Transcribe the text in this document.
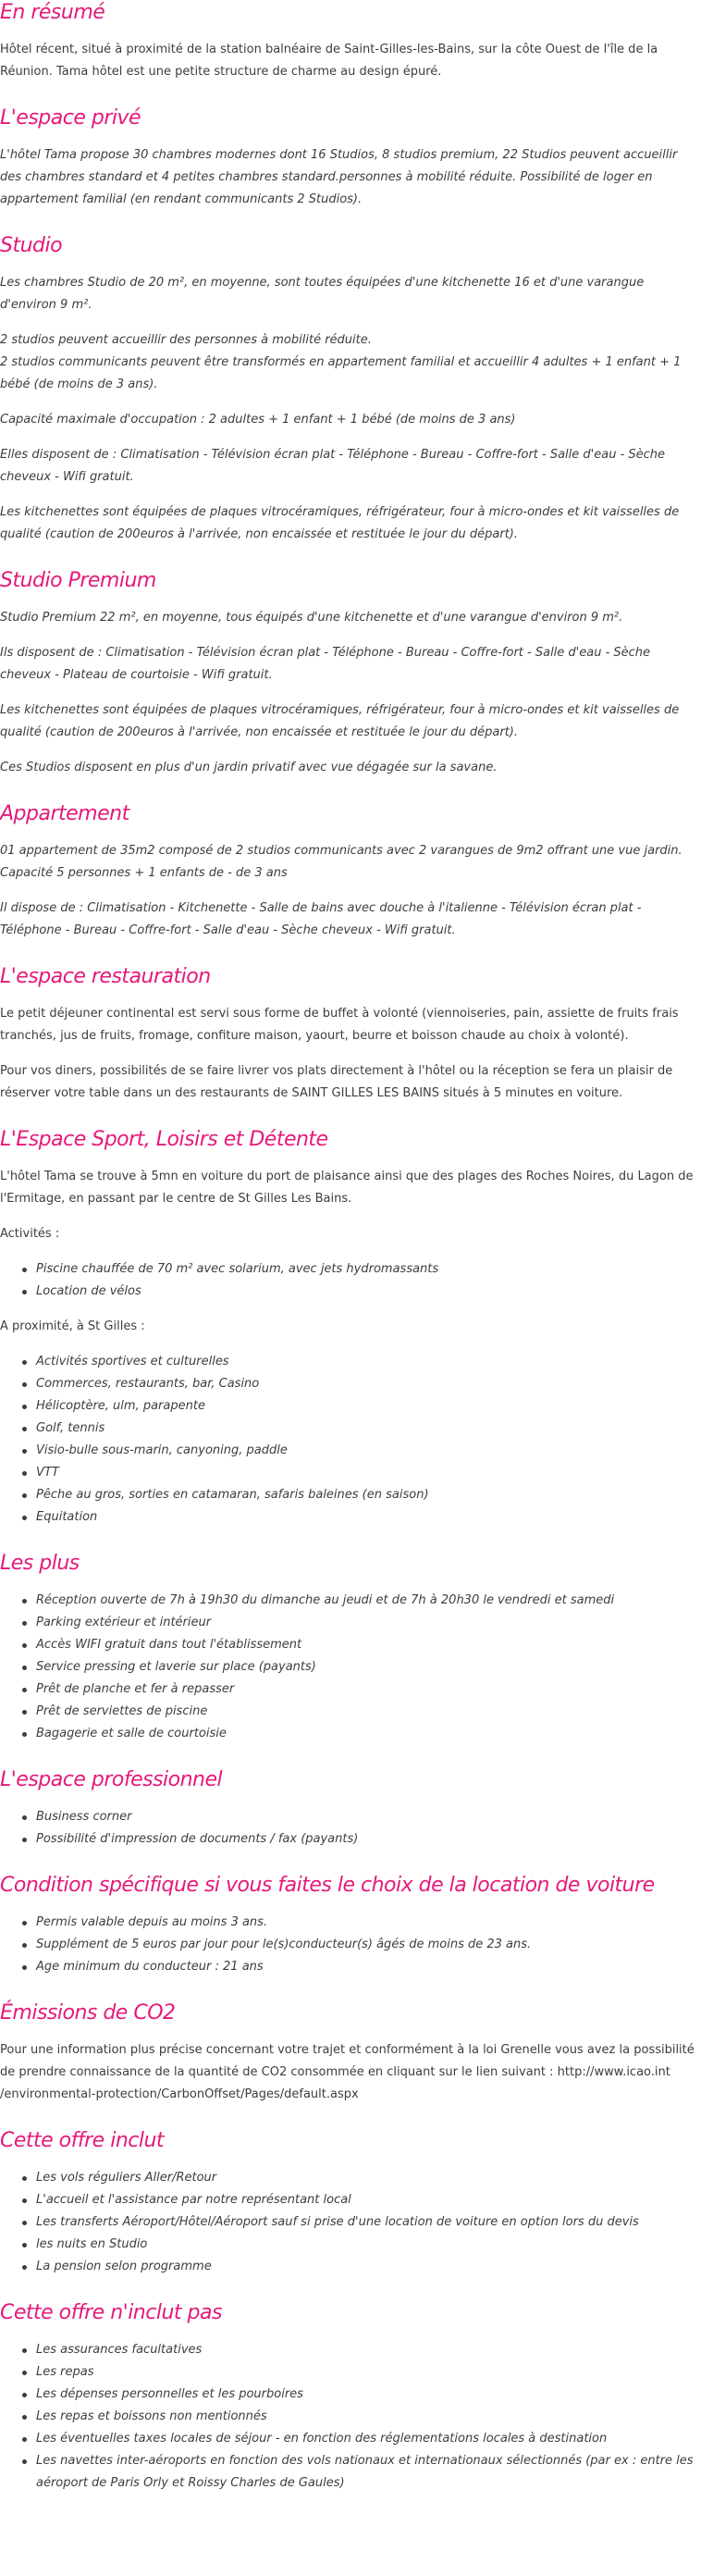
En résumé

Hôtel récent, situé à proximité de la station balnéaire de Saint-Gilles-les-Bains, sur la côte Ouest de l'île de la Réunion. Tama hôtel est une petite structure de charme au design épuré.

L'espace privé

L'hôtel Tama propose 30 chambres modernes dont 16 Studios, 8 studios premium, 22 Studios peuvent accueillir des chambres standard et 4 petites chambres standard.personnes à mobilité réduite. Possibilité de loger en appartement familial (en rendant communicants 2 Studios).

Studio

Les chambres Studio de 20 m², en moyenne, sont toutes équipées d'une kitchenette 16 et d'une varangue d'environ 9 m².

2 studios peuvent accueillir des personnes à mobilité réduite.
2 studios communicants peuvent être transformés en appartement familial et accueillir 4 adultes + 1 enfant + 1 bébé (de moins de 3 ans).

Capacité maximale d'occupation : 2 adultes + 1 enfant + 1 bébé (de moins de 3 ans)

Elles disposent de : Climatisation - Télévision écran plat - Téléphone - Bureau - Coffre-fort - Salle d'eau - Sèche cheveux - Wifi gratuit.

Les kitchenettes sont équipées de plaques vitrocéramiques, réfrigérateur, four à micro-ondes et kit vaisselles de qualité (caution de 200euros à l'arrivée, non encaissée et restituée le jour du départ).

Studio Premium

Studio Premium 22 m², en moyenne, tous équipés d'une kitchenette et d'une varangue d'environ 9 m².

Ils disposent de : Climatisation - Télévision écran plat - Téléphone - Bureau - Coffre-fort - Salle d'eau - Sèche cheveux - Plateau de courtoisie - Wifi gratuit.

Les kitchenettes sont équipées de plaques vitrocéramiques, réfrigérateur, four à micro-ondes et kit vaisselles de qualité (caution de 200euros à l'arrivée, non encaissée et restituée le jour du départ).

Ces Studios disposent en plus d'un jardin privatif avec vue dégagée sur la savane.

Appartement

01 appartement de 35m2 composé de 2 studios communicants avec 2 varangues de 9m2 offrant une vue jardin. Capacité 5 personnes + 1 enfants de - de 3 ans

Il dispose de : Climatisation - Kitchenette - Salle de bains avec douche à l'italienne - Télévision écran plat - Téléphone - Bureau - Coffre-fort - Salle d'eau - Sèche cheveux - Wifi gratuit.

L'espace restauration

Le petit déjeuner continental est servi sous forme de buffet à volonté (viennoiseries, pain, assiette de fruits frais tranchés, jus de fruits, fromage, confiture maison, yaourt, beurre et boisson chaude au choix à volonté).

Pour vos diners, possibilités de se faire livrer vos plats directement à l'hôtel ou la réception se fera un plaisir de réserver votre table dans un des restaurants de SAINT GILLES LES BAINS situés à 5 minutes en voiture.

L'Espace Sport, Loisirs et Détente

L'hôtel Tama se trouve à 5mn en voiture du port de plaisance ainsi que des plages des Roches Noires, du Lagon de l'Ermitage, en passant par le centre de St Gilles Les Bains.

Activités :

Piscine chauffée de 70 m² avec solarium, avec jets hydromassants
Location de vélos

A proximité, à St Gilles :

Activités sportives et culturelles
Commerces, restaurants, bar, Casino
Hélicoptère, ulm, parapente
Golf, tennis
Visio-bulle sous-marin, canyoning, paddle
VTT
Pêche au gros, sorties en catamaran, safaris baleines (en saison)
Equitation
Les plus
Réception ouverte de 7h à 19h30 du dimanche au jeudi et de 7h à 20h30 le vendredi et samedi
Parking extérieur et intérieur
Accès WIFI gratuit dans tout l'établissement
Service pressing et laverie sur place (payants)
Prêt de planche et fer à repasser
Prêt de serviettes de piscine
Bagagerie et salle de courtoisie
L'espace professionnel
Business corner
Possibilité d'impression de documents / fax (payants)
Condition spécifique si vous faites le choix de la location de voiture
Permis valable depuis au moins 3 ans.
Supplément de 5 euros par jour pour le(s)conducteur(s) âgés de moins de 23 ans.
Age minimum du conducteur : 21 ans
Émissions de CO2

Pour une information plus précise concernant votre trajet et conformément à la loi Grenelle vous avez la possibilité de prendre connaissance de la quantité de CO2 consommée en cliquant sur le lien suivant : http://www.icao.int /environmental-protection/CarbonOffset/Pages/default.aspx

Cette offre inclut
Les vols réguliers Aller/Retour
L'accueil et l'assistance par notre représentant local
Les transferts Aéroport/Hôtel/Aéroport sauf si prise d'une location de voiture en option lors du devis
les nuits en Studio
La pension selon programme
Cette offre n'inclut pas
Les assurances facultatives
Les repas
Les dépenses personnelles et les pourboires
Les repas et boissons non mentionnés
Les éventuelles taxes locales de séjour - en fonction des réglementations locales à destination
Les navettes inter-aéroports en fonction des vols nationaux et internationaux sélectionnés (par ex : entre les aéroport de Paris Orly et Roissy Charles de Gaules)
